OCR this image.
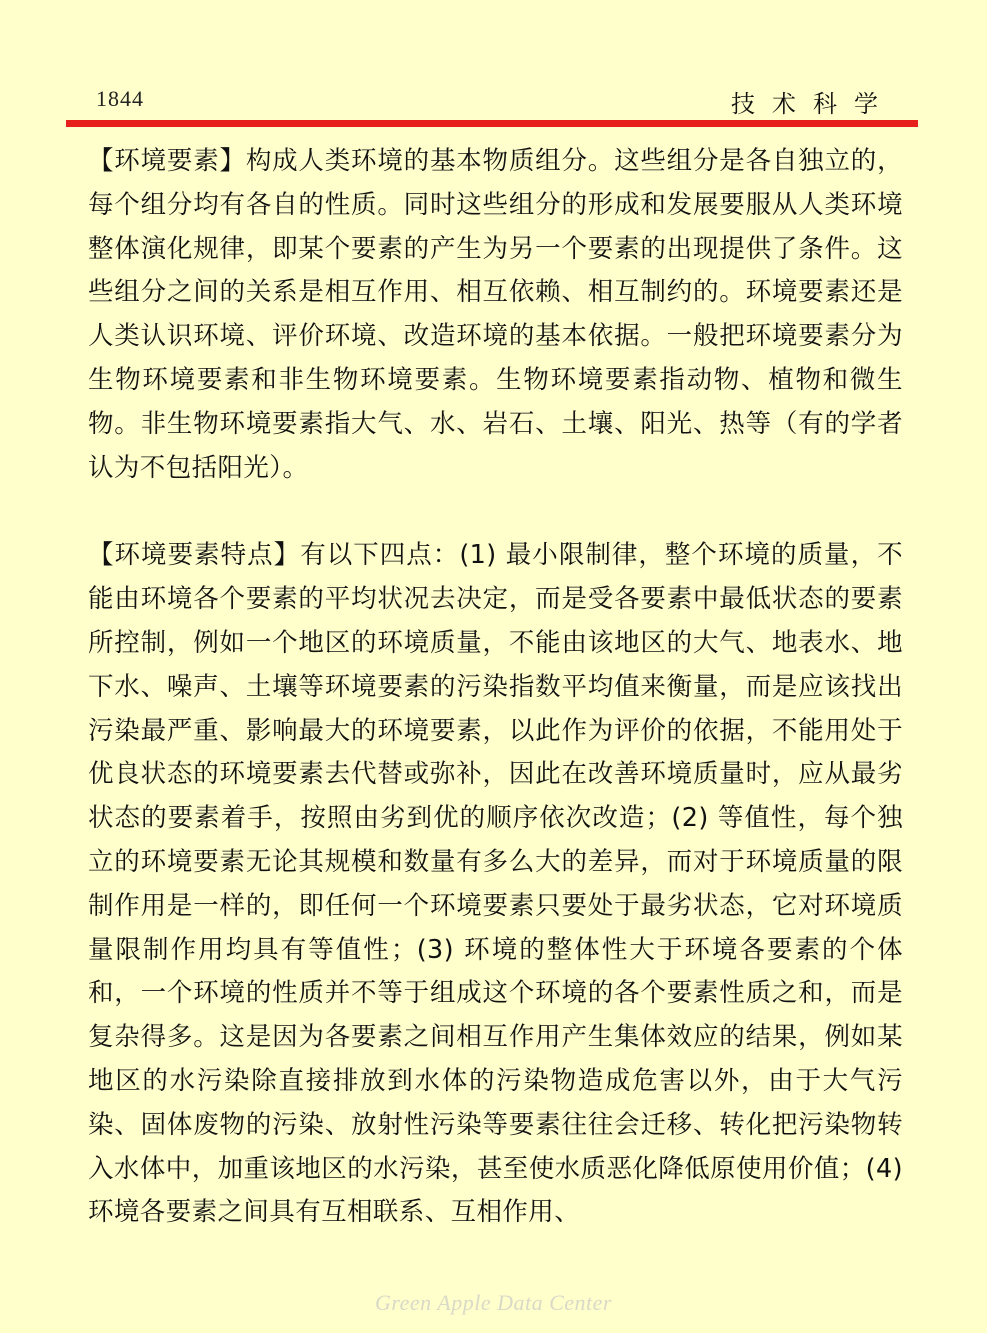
1844	技术科学

【环境要素】构成人类环境的基本物质组分。这些组分是各自独立的，每个组分均有各自的性质。同时这些组分的形成和发展要服从人类环境整体演化规律，即某个要素的产生为另一个要素的出现提供了条件。这些组分之间的关系是相互作用、相互依赖、相互制约的。环境要素还是人类认识环境、评价环境、改造环境的基本依据。一般把环境要素分为生物环境要素和非生物环境要素。生物环境要素指动物、植物和微生物。非生物环境要素指大气、水、岩石、土壤、阳光、热等（有的学者认为不包括阳光）。

【环境要素特点】有以下四点：(1) 最小限制律，整个环境的质量，不能由环境各个要素的平均状况去决定，而是受各要素中最低状态的要素所控制，例如一个地区的环境质量，不能由该地区的大气、地表水、地下水、噪声、土壤等环境要素的污染指数平均值来衡量，而是应该找出污染最严重、影响最大的环境要素，以此作为评价的依据，不能用处于优良状态的环境要素去代替或弥补，因此在改善环境质量时，应从最劣状态的要素着手，按照由劣到优的顺序依次改造；(2) 等值性，每个独立的环境要素无论其规模和数量有多么大的差异，而对于环境质量的限制作用是一样的，即任何一个环境要素只要处于最劣状态，它对环境质量限制作用均具有等值性；(3) 环境的整体性大于环境各要素的个体和，一个环境的性质并不等于组成这个环境的各个要素性质之和，而是复杂得多。这是因为各要素之间相互作用产生集体效应的结果，例如某地区的水污染除直接排放到水体的污染物造成危害以外，由于大气污染、固体废物的污染、放射性污染等要素往往会迁移、转化把污染物转入水体中，加重该地区的水污染，甚至使水质恶化降低原使用价值；(4) 环境各要素之间具有互相联系、互相作用、

Green Apple Data Center
